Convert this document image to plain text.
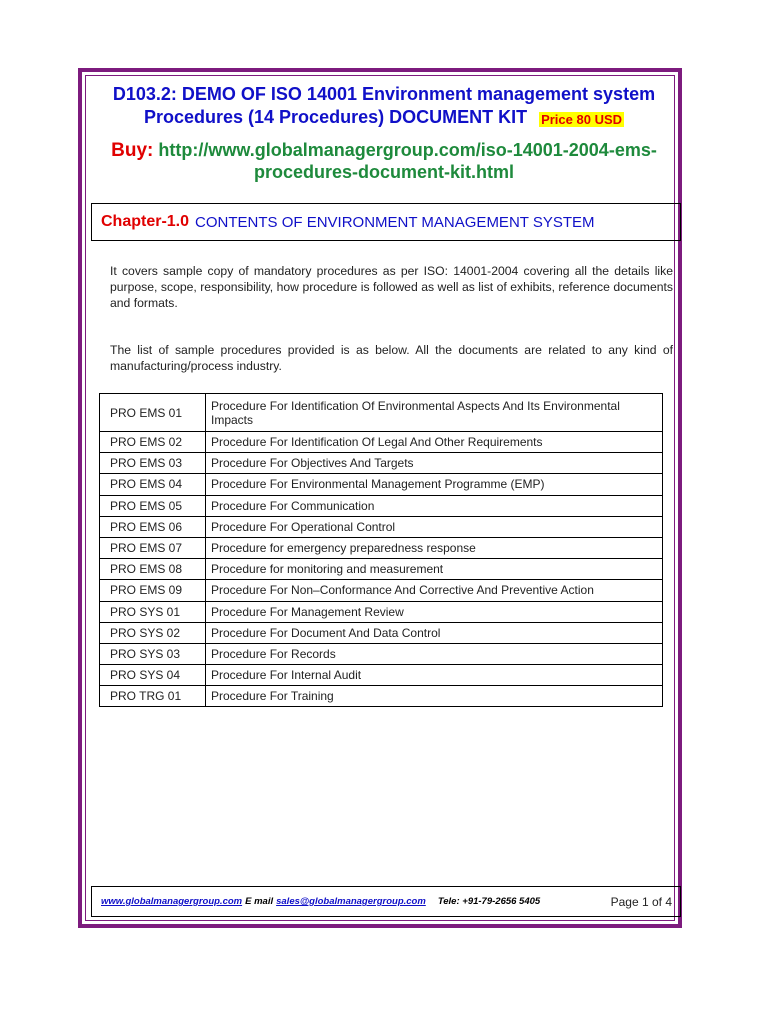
D103.2: DEMO OF ISO 14001 Environment management system
Procedures (14 Procedures) DOCUMENT KIT Price 80 USD
Buy: http://www.globalmanagergroup.com/iso-14001-2004-ems-
procedures-document-kit.html
Chapter-1.0 CONTENTS OF ENVIRONMENT MANAGEMENT SYSTEM
It covers sample copy of mandatory procedures as per ISO: 14001-2004 covering all the details like purpose, scope, responsibility, how procedure is followed as well as list of exhibits, reference documents and formats.
The list of sample procedures provided is as below. All the documents are related to any kind of manufacturing/process industry.
PRO EMS 01	Procedure For Identification Of Environmental Aspects And Its Environmental Impacts
PRO EMS 02	Procedure For Identification Of Legal And Other Requirements
PRO EMS 03	Procedure For Objectives And Targets
PRO EMS 04	Procedure For Environmental Management Programme (EMP)
PRO EMS 05	Procedure For Communication
PRO EMS 06	Procedure For Operational Control
PRO EMS 07	Procedure for emergency preparedness response
PRO EMS 08	Procedure for monitoring and measurement
PRO EMS 09	Procedure For Non–Conformance And Corrective And Preventive Action
PRO SYS 01	Procedure For Management Review
PRO SYS 02	Procedure For Document And Data Control
PRO SYS 03	Procedure For Records
PRO SYS 04	Procedure For Internal Audit
PRO TRG 01	Procedure For Training
www.globalmanagergroup.com E mail sales@globalmanagergroup.com Tele: +91-79-2656 5405	Page 1 of 4
